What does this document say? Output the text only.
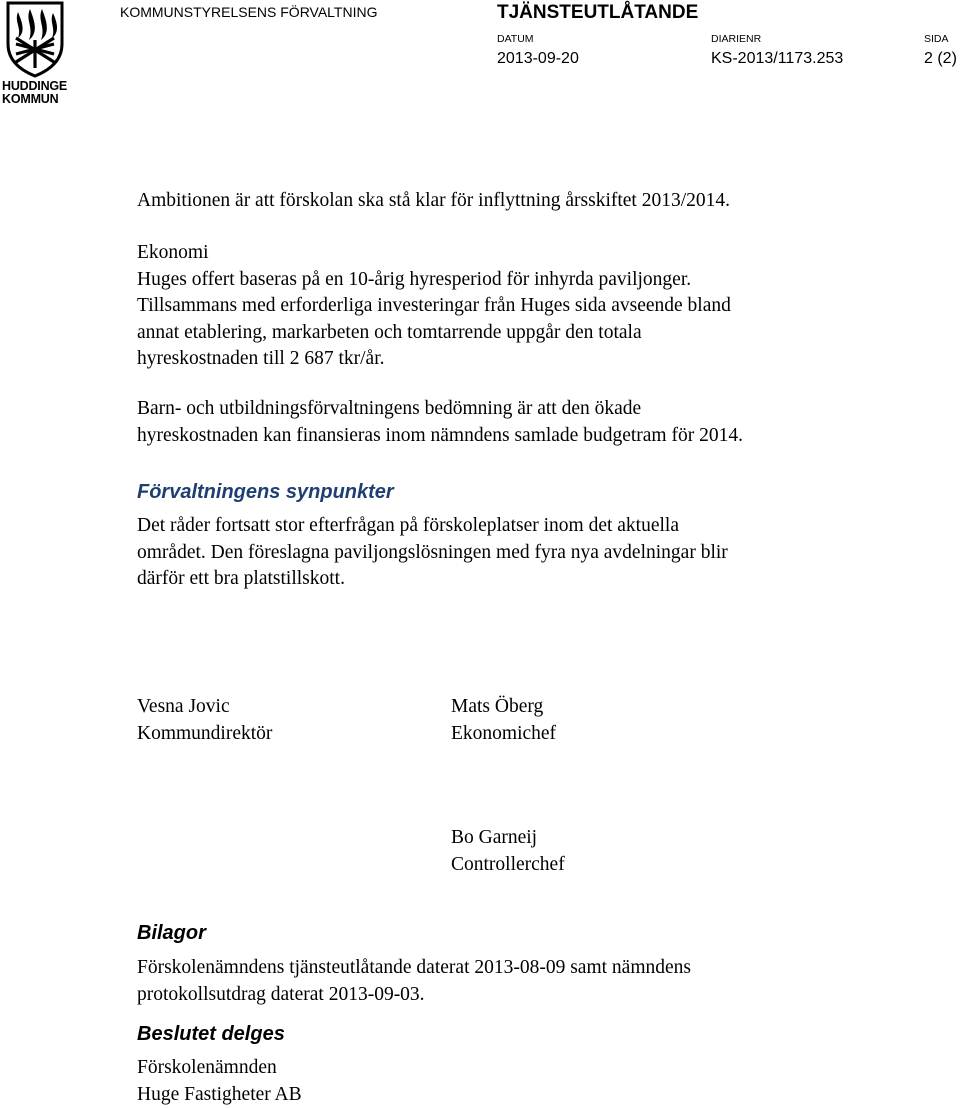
HUDDINGE
KOMMUN
KOMMUNSTYRELSENS FÖRVALTNING	TJÄNSTEUTLÅTANDE
DATUM	DIARIENR	SIDA
2013-09-20	KS-2013/1173.253	2 (2)

Ambitionen är att förskolan ska stå klar för inflyttning årsskiftet 2013/2014.

Ekonomi
Huges offert baseras på en 10-årig hyresperiod för inhyrda paviljonger.
Tillsammans med erforderliga investeringar från Huges sida avseende bland
annat etablering, markarbeten och tomtarrende uppgår den totala
hyreskostnaden till 2 687 tkr/år.

Barn- och utbildningsförvaltningens bedömning är att den ökade
hyreskostnaden kan finansieras inom nämndens samlade budgetram för 2014.

Förvaltningens synpunkter

Det råder fortsatt stor efterfrågan på förskoleplatser inom det aktuella
området. Den föreslagna paviljongslösningen med fyra nya avdelningar blir
därför ett bra platstillskott.

Vesna Jovic
Kommundirektör
Mats Öberg
Ekonomichef
Bo Garneij
Controllerchef
Bilagor

Förskolenämndens tjänsteutlåtande daterat 2013-08-09 samt nämndens
protokollsutdrag daterat 2013-09-03.

Beslutet delges

Förskolenämnden
Huge Fastigheter AB
